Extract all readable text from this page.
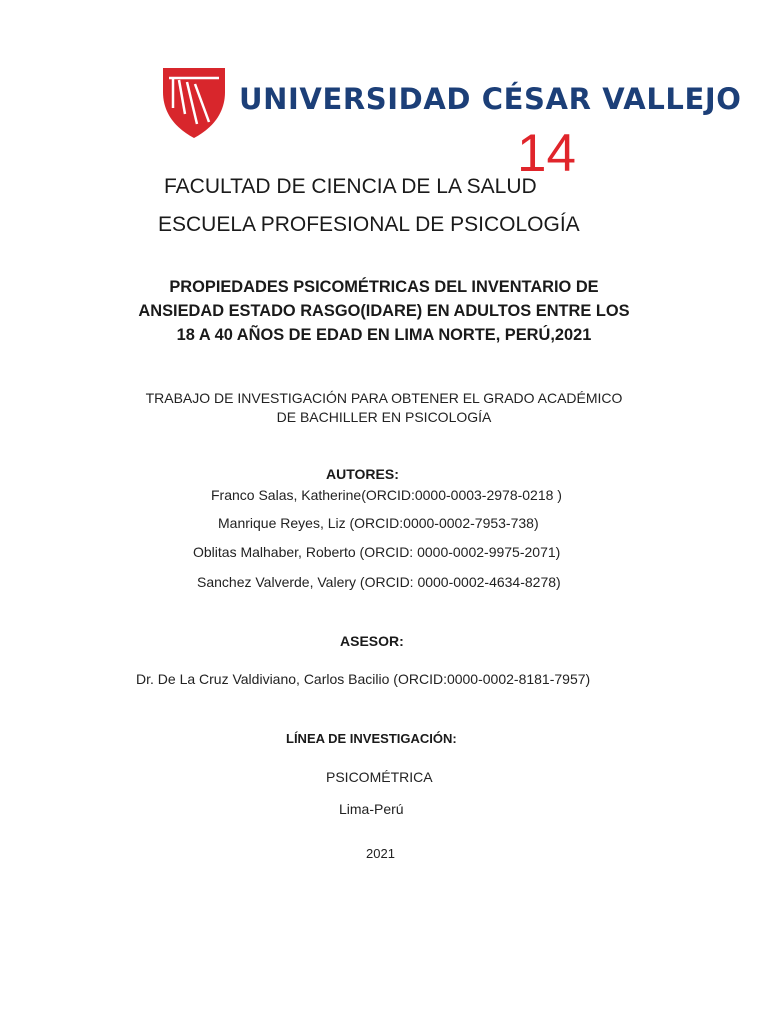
UNIVERSIDAD CÉSAR VALLEJO
14
FACULTAD DE CIENCIA DE LA SALUD
ESCUELA PROFESIONAL DE PSICOLOGÍA
PROPIEDADES PSICOMÉTRICAS DEL INVENTARIO DE
ANSIEDAD ESTADO RASGO(IDARE) EN ADULTOS ENTRE LOS
18 A 40 AÑOS DE EDAD EN LIMA NORTE, PERÚ,2021
TRABAJO DE INVESTIGACIÓN PARA OBTENER EL GRADO ACADÉMICO
DE BACHILLER EN PSICOLOGÍA
AUTORES:
Franco Salas, Katherine(ORCID:0000-0003-2978-0218 )
Manrique Reyes, Liz (ORCID:0000-0002-7953-738)
Oblitas Malhaber, Roberto (ORCID: 0000-0002-9975-2071)
Sanchez Valverde, Valery (ORCID: 0000-0002-4634-8278)
ASESOR:
Dr. De La Cruz Valdiviano, Carlos Bacilio (ORCID:0000-0002-8181-7957)
LÍNEA DE INVESTIGACIÓN:
PSICOMÉTRICA
Lima-Perú
2021
